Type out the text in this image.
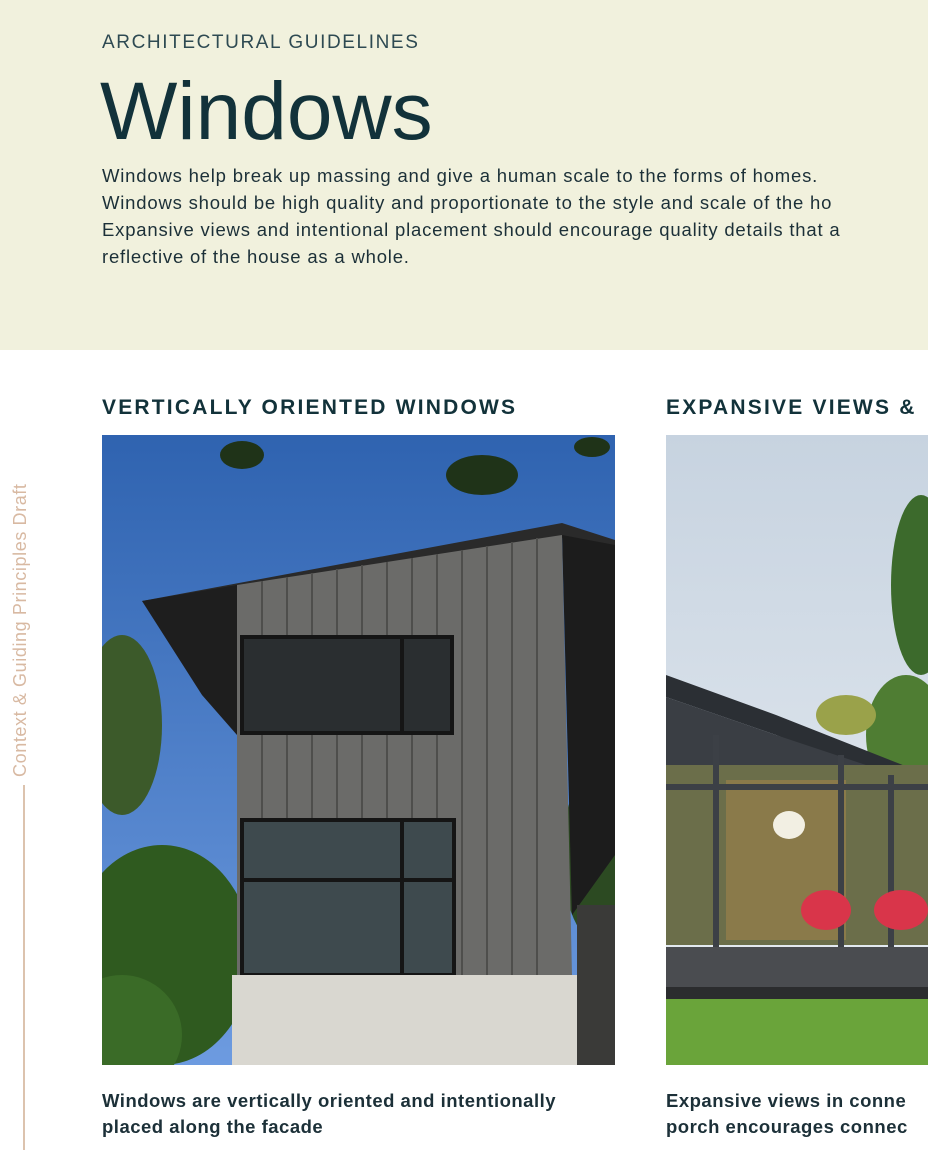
ARCHITECTURAL GUIDELINES
Windows
Windows help break up massing and give a human scale to the forms of homes.
Windows should be high quality and proportionate to the style and scale of the ho
Expansive views and intentional placement should encourage quality details that a
reflective of the house as a whole.
Context & Guiding Principles Draft
VERTICALLY ORIENTED WINDOWS
Windows are vertically oriented and intentionally
placed along the facade
EXPANSIVE VIEWS &
Expansive views in conne
porch encourages connec
